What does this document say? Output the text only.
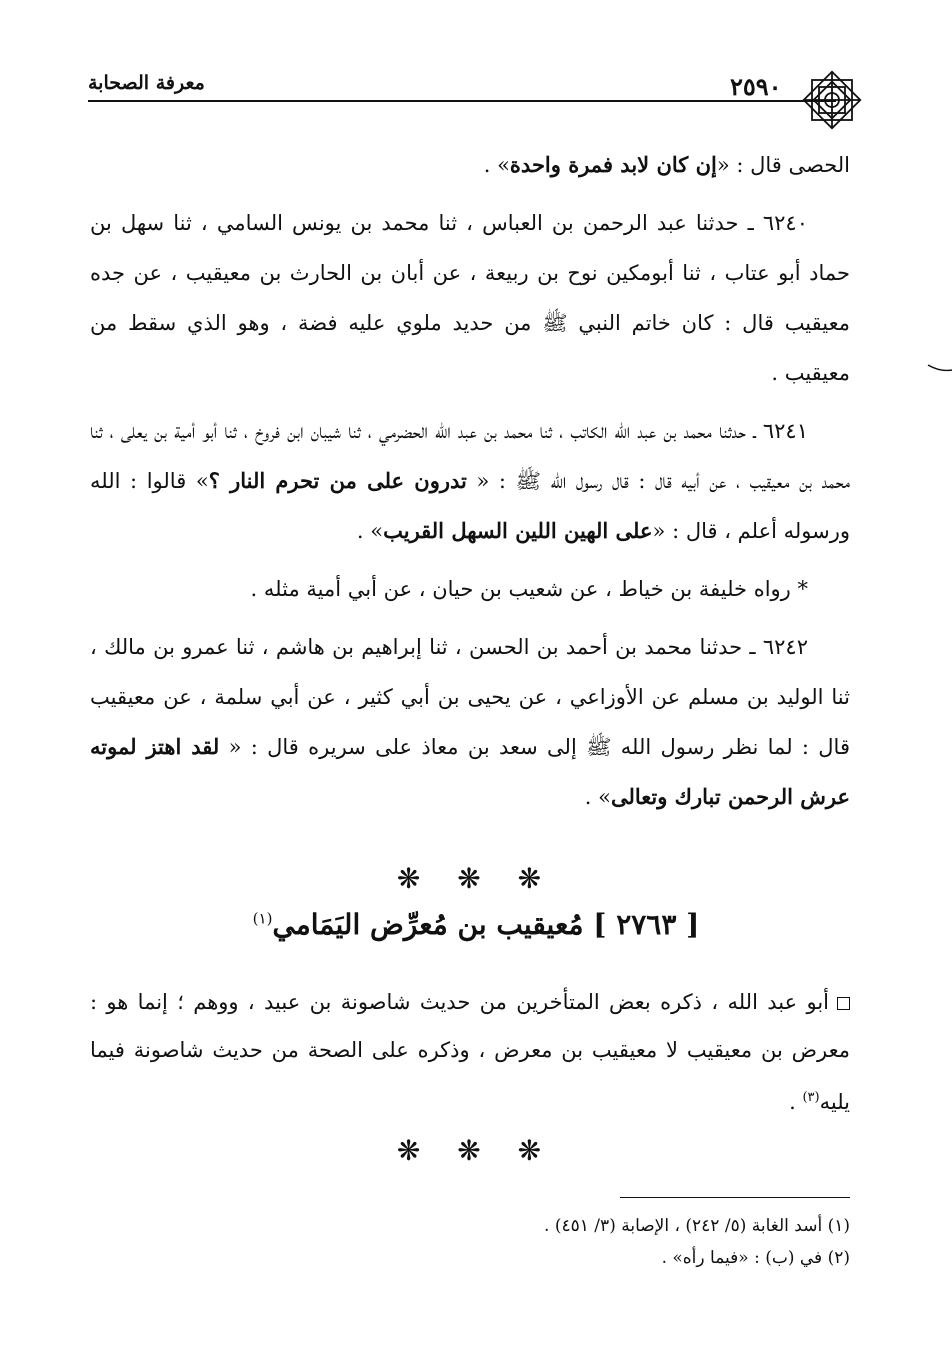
معرفة الصحابة	٢٥٩٠

الحصى قال : «إن كان لابد فمرة واحدة» .

٦٢٤٠ ـ حدثنا عبد الرحمن بن العباس ، ثنا محمد بن يونس السامي ، ثنا سهل بن حماد أبو عتاب ، ثنا أبومكين نوح بن ربيعة ، عن أبان بن الحارث بن معيقيب ، عن جده معيقيب قال : كان خاتم النبي ﷺ من حديد ملوي عليه فضة ، وهو الذي سقط من معيقيب .

٦٢٤١ ـ حدثنا محمد بن عبد الله الكاتب ، ثنا محمد بن عبد الله الحضرمي ، ثنا شيبان ابن فروخ ، ثنا أبو أمية بن يعلى ، ثنا محمد بن معيقيب ، عن أبيه قال : قال رسول الله ﷺ : « تدرون على من تحرم النار ؟» قالوا : الله ورسوله أعلم ، قال : «على الهين اللين السهل القريب» .

* رواه خليفة بن خياط ، عن شعيب بن حيان ، عن أبي أمية مثله .

٦٢٤٢ ـ حدثنا محمد بن أحمد بن الحسن ، ثنا إبراهيم بن هاشم ، ثنا عمرو بن مالك ، ثنا الوليد بن مسلم عن الأوزاعي ، عن يحيى بن أبي كثير ، عن أبي سلمة ، عن معيقيب قال : لما نظر رسول الله ﷺ إلى سعد بن معاذ على سريره قال : « لقد اهتز لموته عرش الرحمن تبارك وتعالى» .

❋ ❋ ❋
[ ٢٧٦٣ ] مُعيقيب بن مُعرِّض اليَمَامي$^{(١)}$
أبو عبد الله ، ذكره بعض المتأخرين من حديث شاصونة بن عبيد ، ووهم ؛ إنما هو : معرض بن معيقيب لا معيقيب بن معرض ، وذكره على الصحة من حديث شاصونة فيما يليه$^{(٣)}$ .
❋ ❋ ❋

(١) أسد الغابة (٥/ ٢٤٢) ، الإصابة (٣/ ٤٥١) .

(٢) في (ب) : «فيما رأه» .
